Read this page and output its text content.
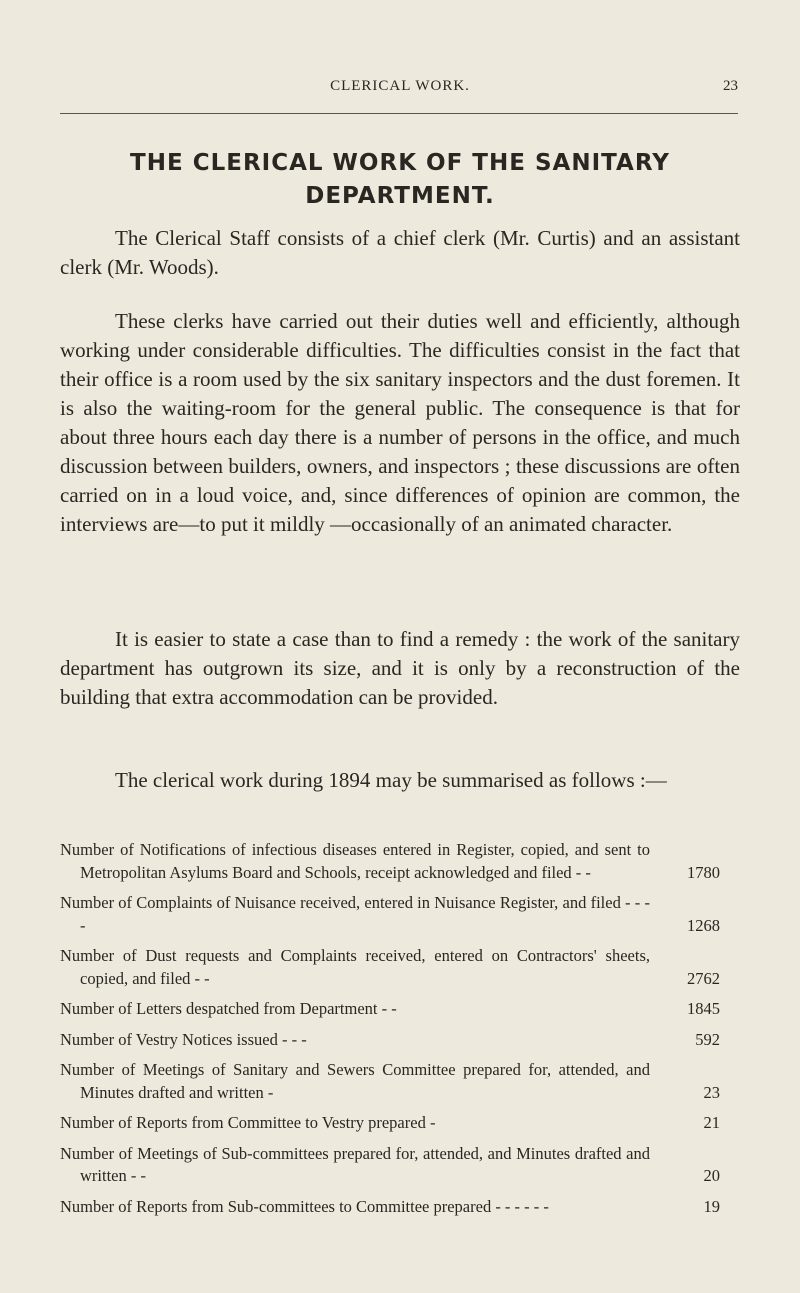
CLERICAL WORK.	23
THE CLERICAL WORK OF THE SANITARY
DEPARTMENT.

The Clerical Staff consists of a chief clerk (Mr. Curtis) and an assistant clerk (Mr. Woods).

These clerks have carried out their duties well and efficiently, although working under considerable difficulties. The difficulties consist in the fact that their office is a room used by the six sanitary inspectors and the dust foremen. It is also the waiting-room for the general public. The consequence is that for about three hours each day there is a number of persons in the office, and much discussion between builders, owners, and inspectors ; these discussions are often carried on in a loud voice, and, since differences of opinion are common, the interviews are—to put it mildly —occasionally of an animated character.

It is easier to state a case than to find a remedy : the work of the sanitary department has outgrown its size, and it is only by a reconstruction of the building that extra accommodation can be provided.

The clerical work during 1894 may be summarised as follows :—

Number of Notifications of infectious diseases entered in Register, copied, and sent to Metropolitan Asylums Board and Schools, receipt acknowledged and filed - -	1780
Number of Complaints of Nuisance received, entered in Nuisance Register, and filed - - - -	1268
Number of Dust requests and Complaints received, entered on Contractors' sheets, copied, and filed - -	2762
Number of Letters despatched from Department - -	1845
Number of Vestry Notices issued - - -	592
Number of Meetings of Sanitary and Sewers Committee prepared for, attended, and Minutes drafted and written -	23
Number of Reports from Committee to Vestry prepared -	21
Number of Meetings of Sub-committees prepared for, attended, and Minutes drafted and written - -	20
Number of Reports from Sub-committees to Committee prepared - - - - - -	19
